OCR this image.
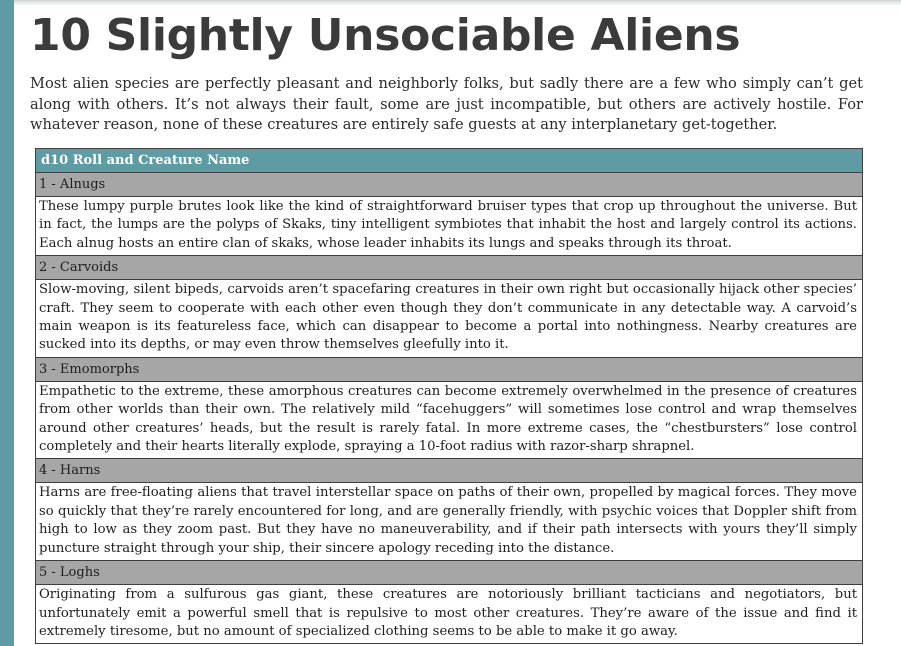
10 Slightly Unsociable Aliens

Most alien species are perfectly pleasant and neighborly folks, but sadly there are a few who simply can’t get along with others. It’s not always their fault, some are just incompatible, but others are actively hostile. For whatever reason, none of these creatures are entirely safe guests at any interplanetary get-together.

d10 Roll and Creature Name
1 - Alnugs
These lumpy purple brutes look like the kind of straightforward bruiser types that crop up throughout the universe. But in fact, the lumps are the polyps of Skaks, tiny intelligent symbiotes that inhabit the host and largely control its actions. Each alnug hosts an entire clan of skaks, whose leader inhabits its lungs and speaks through its throat.
2 - Carvoids
Slow-moving, silent bipeds, carvoids aren’t spacefaring creatures in their own right but occasionally hijack other species’ craft. They seem to cooperate with each other even though they don’t communicate in any detectable way. A carvoid’s main weapon is its featureless face, which can disappear to become a portal into nothingness. Nearby creatures are sucked into its depths, or may even throw themselves gleefully into it.
3 - Emomorphs
Empathetic to the extreme, these amorphous creatures can become extremely overwhelmed in the presence of creatures from other worlds than their own. The relatively mild “facehuggers” will sometimes lose control and wrap themselves around other creatures’ heads, but the result is rarely fatal. In more extreme cases, the “chestbursters” lose control completely and their hearts literally explode, spraying a 10-foot radius with razor-sharp shrapnel.
4 - Harns
Harns are free-floating aliens that travel interstellar space on paths of their own, propelled by magical forces. They move so quickly that they’re rarely encountered for long, and are generally friendly, with psychic voices that Doppler shift from high to low as they zoom past. But they have no maneuverability, and if their path intersects with yours they’ll simply puncture straight through your ship, their sincere apology receding into the distance.
5 - Loghs
Originating from a sulfurous gas giant, these creatures are notoriously brilliant tacticians and negotiators, but unfortunately emit a powerful smell that is repulsive to most other creatures. They’re aware of the issue and find it extremely tiresome, but no amount of specialized clothing seems to be able to make it go away.
